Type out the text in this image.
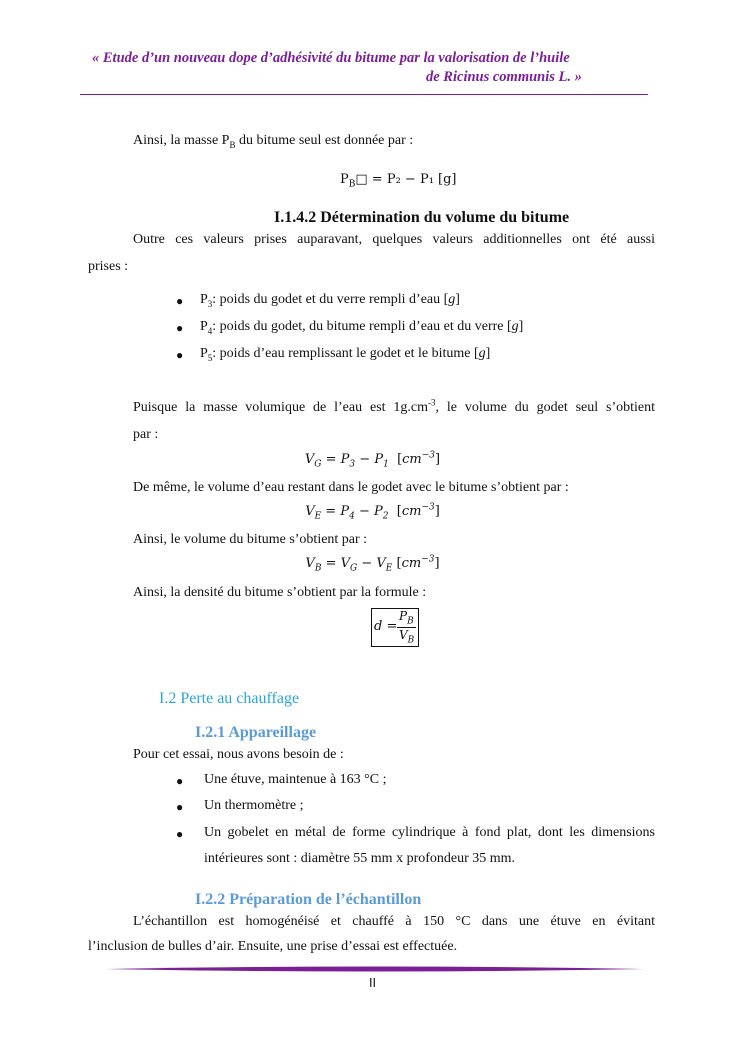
« Etude d’un nouveau dope d’adhésivité du bitume par la valorisation de l’huile
de Ricinus communis L. »
Ainsi, la masse $P_B$ du bitume seul est donnée par :
$P_B□ = P_2 - P_1$ [g]
I.1.4.2 Détermination du volume du bitume
Outre ces valeurs prises auparavant, quelques valeurs additionnelles ont été aussi
prises :
● $P_3$: poids du godet et du verre rempli d’eau [g]
● $P_4$: poids du godet, du bitume rempli d’eau et du verre [g]
● $P_5$: poids d’eau remplissant le godet et le bitume [g]
Puisque la masse volumique de l’eau est $1g.cm^{-3}$, le volume du godet seul s’obtient
par :
$V_G = P_3 - P_1$ $[cm^{-3}]$
De même, le volume d’eau restant dans le godet avec le bitume s’obtient par :
$V_E = P_4 - P_2$ $[cm^{-3}]$
Ainsi, le volume du bitume s’obtient par :
$V_B = V_G - V_E$ $[cm^{-3}]$
Ainsi, la densité du bitume s’obtient par la formule :
d =
$P_B$
$V_B$
I.2 Perte au chauffage
I.2.1 Appareillage
Pour cet essai, nous avons besoin de :
● Une étuve, maintenue à 163 °C ;
● Un thermomètre ;
● Un gobelet en métal de forme cylindrique à fond plat, dont les dimensions
intérieures sont : diamètre 55 mm x profondeur 35 mm.
I.2.2 Préparation de l’échantillon
L’échantillon est homogénéisé et chauffé à 150 °C dans une étuve en évitant
l’inclusion de bulles d’air. Ensuite, une prise d’essai est effectuée.
II
